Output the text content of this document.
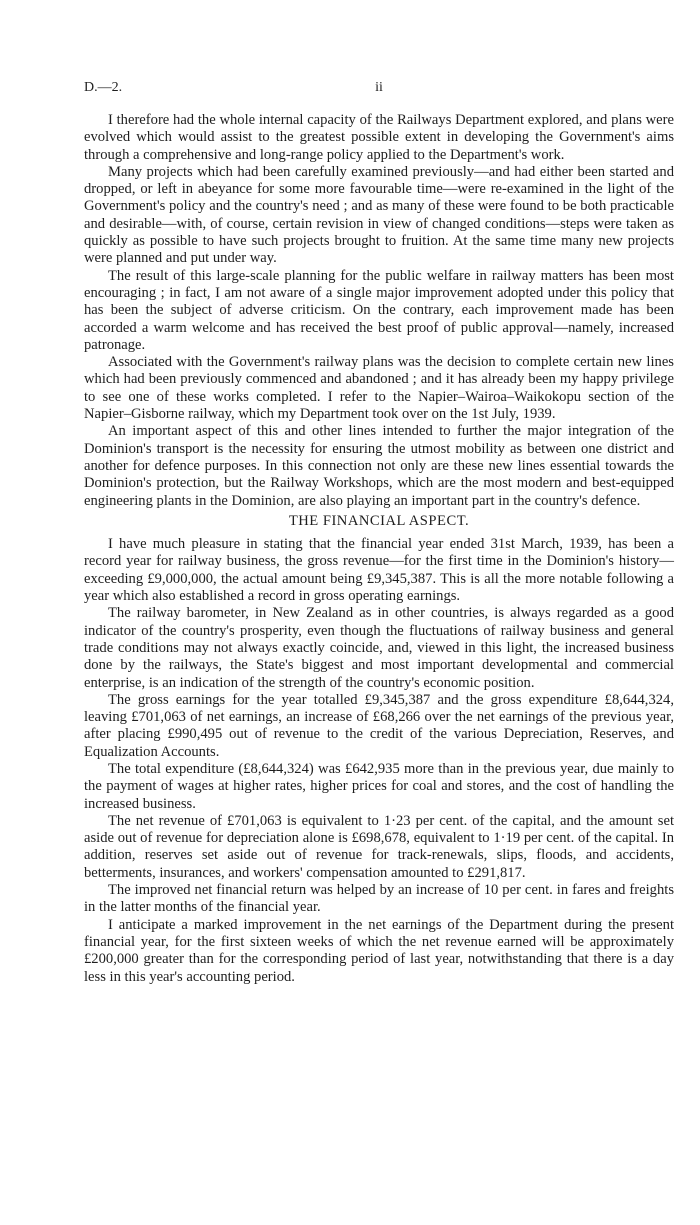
D.—2.	ii

I therefore had the whole internal capacity of the Railways Department explored, and plans were evolved which would assist to the greatest possible extent in developing the Government's aims through a comprehensive and long-range policy applied to the Department's work.

Many projects which had been carefully examined previously—and had either been started and dropped, or left in abeyance for some more favourable time—were re-examined in the light of the Government's policy and the country's need ; and as many of these were found to be both practicable and desirable—with, of course, certain revision in view of changed conditions—steps were taken as quickly as possible to have such projects brought to fruition. At the same time many new projects were planned and put under way.

The result of this large-scale planning for the public welfare in railway matters has been most encouraging ; in fact, I am not aware of a single major improvement adopted under this policy that has been the subject of adverse criticism. On the contrary, each improvement made has been accorded a warm welcome and has received the best proof of public approval—namely, increased patronage.

Associated with the Government's railway plans was the decision to complete certain new lines which had been previously commenced and abandoned ; and it has already been my happy privilege to see one of these works completed. I refer to the Napier–Wairoa–Waikokopu section of the Napier–Gisborne railway, which my Department took over on the 1st July, 1939.

An important aspect of this and other lines intended to further the major integration of the Dominion's transport is the necessity for ensuring the utmost mobility as between one district and another for defence purposes. In this connection not only are these new lines essential towards the Dominion's protection, but the Railway Workshops, which are the most modern and best-equipped engineering plants in the Dominion, are also playing an important part in the country's defence.

THE FINANCIAL ASPECT.

I have much pleasure in stating that the financial year ended 31st March, 1939, has been a record year for railway business, the gross revenue—for the first time in the Dominion's history—exceeding £9,000,000, the actual amount being £9,345,387. This is all the more notable following a year which also established a record in gross operating earnings.

The railway barometer, in New Zealand as in other countries, is always regarded as a good indicator of the country's prosperity, even though the fluctuations of railway business and general trade conditions may not always exactly coincide, and, viewed in this light, the increased business done by the railways, the State's biggest and most important developmental and commercial enterprise, is an indication of the strength of the country's economic position.

The gross earnings for the year totalled £9,345,387 and the gross expenditure £8,644,324, leaving £701,063 of net earnings, an increase of £68,266 over the net earnings of the previous year, after placing £990,495 out of revenue to the credit of the various Depreciation, Reserves, and Equalization Accounts.

The total expenditure (£8,644,324) was £642,935 more than in the previous year, due mainly to the payment of wages at higher rates, higher prices for coal and stores, and the cost of handling the increased business.

The net revenue of £701,063 is equivalent to 1·23 per cent. of the capital, and the amount set aside out of revenue for depreciation alone is £698,678, equivalent to 1·19 per cent. of the capital. In addition, reserves set aside out of revenue for track-renewals, slips, floods, and accidents, betterments, insurances, and workers' compensation amounted to £291,817.

The improved net financial return was helped by an increase of 10 per cent. in fares and freights in the latter months of the financial year.

I anticipate a marked improvement in the net earnings of the Department during the present financial year, for the first sixteen weeks of which the net revenue earned will be approximately £200,000 greater than for the corresponding period of last year, notwithstanding that there is a day less in this year's accounting period.
